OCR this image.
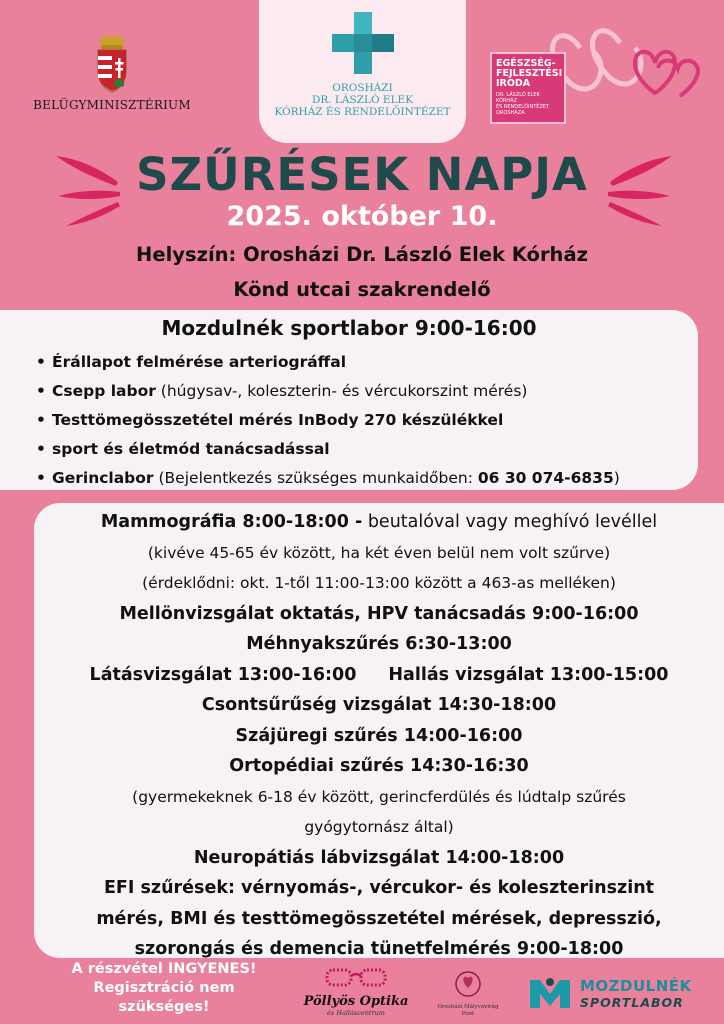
BELÜGYMINISZTÉRIUM
OROSHÁZI
DR. LÁSZLÓ ELEK
KÓRHÁZ ÉS RENDELŐINTÉZET
EGÉSZSÉG-
FEJLESZTÉSI
IRODA
DR. LÁSZLÓ ELEK KÓRHÁZ
ÉS RENDELŐINTÉZET
OROSHÁZA
SZŰRÉSEK NAPJA
2025. október 10.
Helyszín: Orosházi Dr. László Elek Kórház
Könd utcai szakrendelő
Mozdulnék sportlabor 9:00-16:00
• Érállapot felmérése arteriográffal
• Csepp labor (húgysav-, koleszterin- és vércukorszint mérés)
• Testtömegösszetétel mérés InBody 270 készülékkel
• sport és életmód tanácsadással
• Gerinclabor (Bejelentkezés szükséges munkaidőben: 06 30 074-6835)
Mammográfia 8:00-18:00 - beutalóval vagy meghívó levéllel
(kivéve 45-65 év között, ha két éven belül nem volt szűrve)
(érdeklődni: okt. 1-től 11:00-13:00 között a 463-as melléken)
Mellönvizsgálat oktatás, HPV tanácsadás 9:00-16:00
Méhnyakszűrés 6:30-13:00
Látásvizsgálat 13:00-16:00 Hallás vizsgálat 13:00-15:00
Csontsűrűség vizsgálat 14:30-18:00
Szájüregi szűrés 14:00-16:00
Ortopédiai szűrés 14:30-16:30
(gyermekeknek 6-18 év között, gerincferdülés és lúdtalp szűrés
gyógytornász által)
Neuropátiás lábvizsgálat 14:00-18:00
EFI szűrések: vérnyomás-, vércukor- és koleszterinszint
mérés, BMI és testtömegösszetétel mérések, depresszió,
szorongás és demencia tünetfelmérés 9:00-18:00
A részvétel INGYENES!
Regisztráció nem
szükséges!	Pöllyös Optika
és Halláscentrum
Orosházi Mályvavirág
Pont
MOZDULNÉK
SPORTLABOR
